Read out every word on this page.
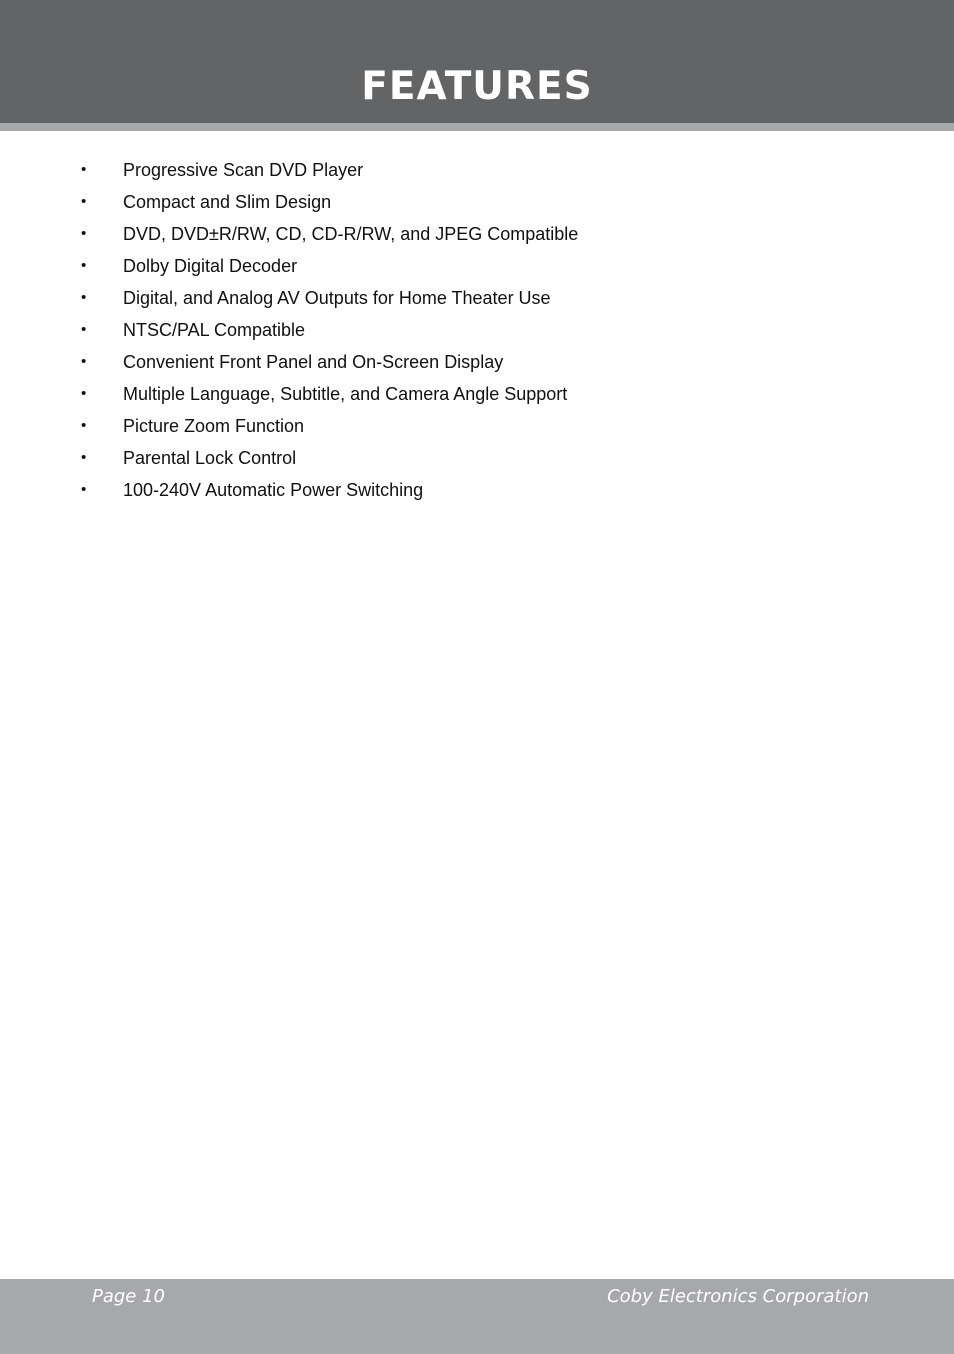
FEATURES
• Progressive Scan DVD Player
• Compact and Slim Design
• DVD, DVD±R/RW, CD, CD-R/RW, and JPEG Compatible
• Dolby Digital Decoder
• Digital, and Analog AV Outputs for Home Theater Use
• NTSC/PAL Compatible
• Convenient Front Panel and On-Screen Display
• Multiple Language, Subtitle, and Camera Angle Support
• Picture Zoom Function
• Parental Lock Control
• 100-240V Automatic Power Switching
Page 10	Coby Electronics Corporation
